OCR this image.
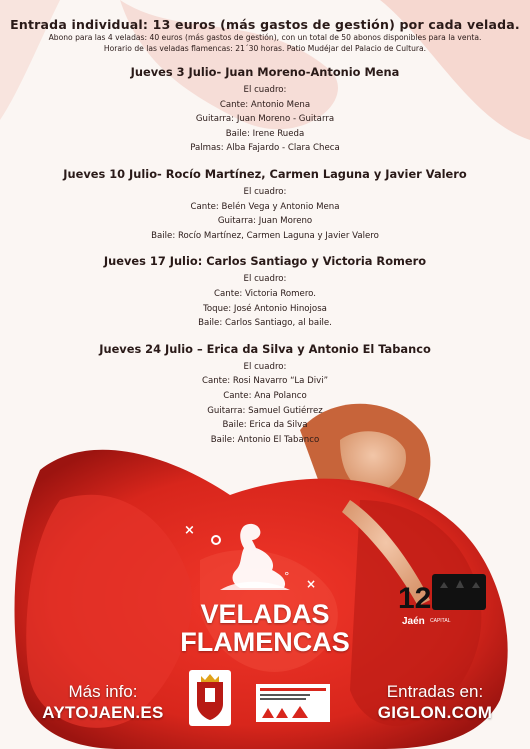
Entrada individual: 13 euros (más gastos de gestión) por cada velada.
Abono para las 4 veladas: 40 euros (más gastos de gestión), con un total de 50 abonos disponibles para la venta.
Horario de las veladas flamencas: 21´30 horas. Patio Mudéjar del Palacio de Cultura.
Jueves 3 Julio- Juan Moreno-Antonio Mena
El cuadro:
Cante: Antonio Mena
Guitarra: Juan Moreno - Guitarra
Baile: Irene Rueda
Palmas: Alba Fajardo - Clara Checa
Jueves 10 Julio- Rocío Martínez, Carmen Laguna y Javier Valero
El cuadro:
Cante: Belén Vega y Antonio Mena
Guitarra: Juan Moreno
Baile: Rocío Martínez, Carmen Laguna y Javier Valero
Jueves 17 Julio: Carlos Santiago y Victoria Romero
El cuadro:
Cante: Victoria Romero.
Toque: José Antonio Hinojosa
Baile: Carlos Santiago, al baile.
Jueves 24 Julio – Erica da Silva y Antonio El Tabanco
El cuadro:
Cante: Rosi Navarro “La Divi”
Cante: Ana Polanco
Guitarra: Samuel Gutiérrez
Baile: Erica da Silva
Baile: Antonio El Tabanco
×
°
×
VELADAS
FLAMENCAS
12
Jaén CAPITAL
Más info:
AYTOJAEN.ES
Entradas en:
GIGLON.COM
